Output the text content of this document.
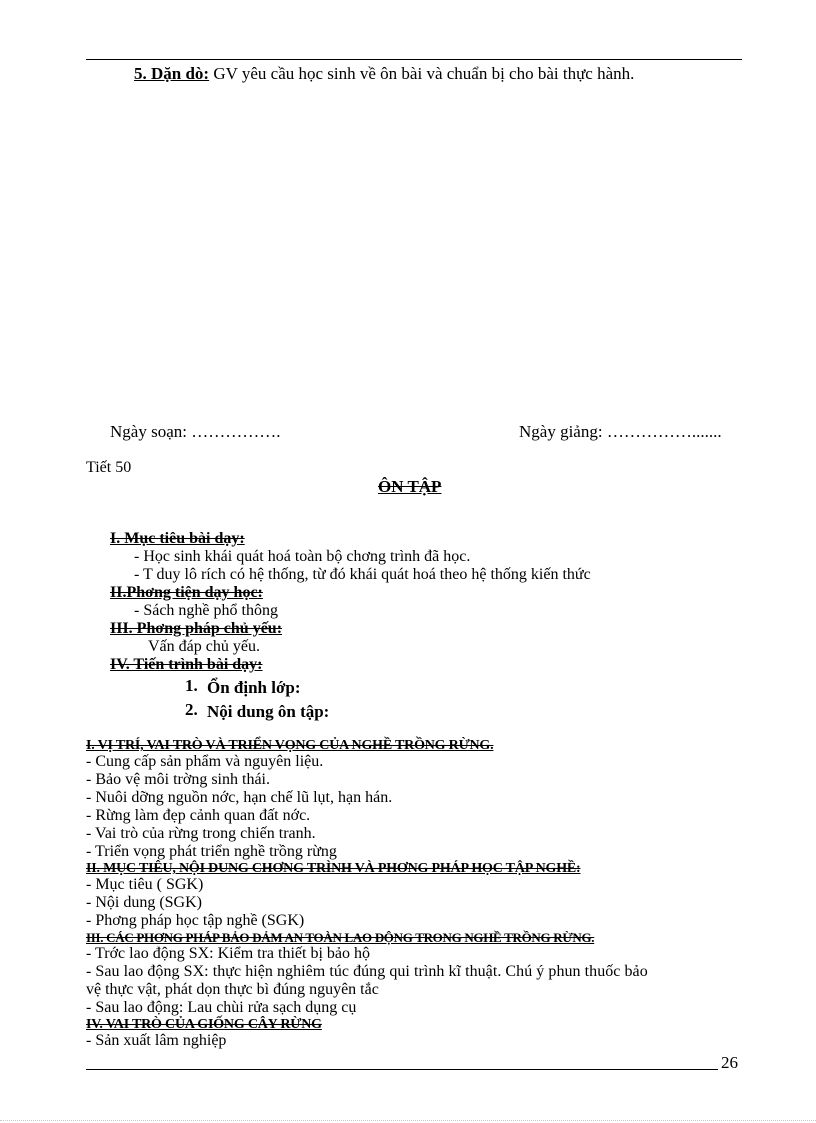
5. Dặn dò: GV yêu cầu học sinh về ôn bài và chuẩn bị cho bài thực hành.
Ngày soạn: …………….	Ngày giảng: …………….......
Tiết 50
ÔN TẬP
I. Mục tiêu bài dạy:
- Học sinh khái quát hoá toàn bộ chơng trình đã học.
- T duy lô rích có hệ thống, từ đó khái quát hoá theo hệ thống kiến thức
II.Phơng tiện dạy học:
- Sách nghề phổ thông
III. Phơng pháp chủ yếu:
Vấn đáp chủ yếu.
IV. Tiến trình bài dạy:
1. Ổn định lớp:
2. Nội dung ôn tập:
I. VỊ TRÍ, VAI TRÒ VÀ TRIỂN VỌNG CỦA NGHỀ TRỒNG RỪNG.
- Cung cấp sản phẩm và nguyên liệu.
- Bảo vệ môi trờng sinh thái.
- Nuôi dỡng nguồn nớc, hạn chế lũ lụt, hạn hán.
- Rừng làm đẹp cảnh quan đất nớc.
- Vai trò của rừng trong chiến tranh.
- Triển vọng phát triển nghề trồng rừng
II. MỤC TIÊU, NỘI DUNG CHƠNG TRÌNH VÀ PHƠNG PHÁP HỌC TẬP NGHỀ:
- Mục tiêu ( SGK)
- Nội dung (SGK)
- Phơng pháp học tập nghề (SGK)
III. CÁC PHƠNG PHÁP BẢO ĐẢM AN TOÀN LAO ĐỘNG TRONG NGHỀ TRỒNG RỪNG.
- Trớc lao động SX: Kiểm tra thiết bị bảo hộ
- Sau lao động SX: thực hiện nghiêm túc đúng qui trình kĩ thuật. Chú ý phun thuốc bảo
vệ thực vật, phát dọn thực bì đúng nguyên tắc
- Sau lao động: Lau chùi rửa sạch dụng cụ
IV. VAI TRÒ CỦA GIỐNG CÂY RỪNG
- Sản xuất lâm nghiệp
26
